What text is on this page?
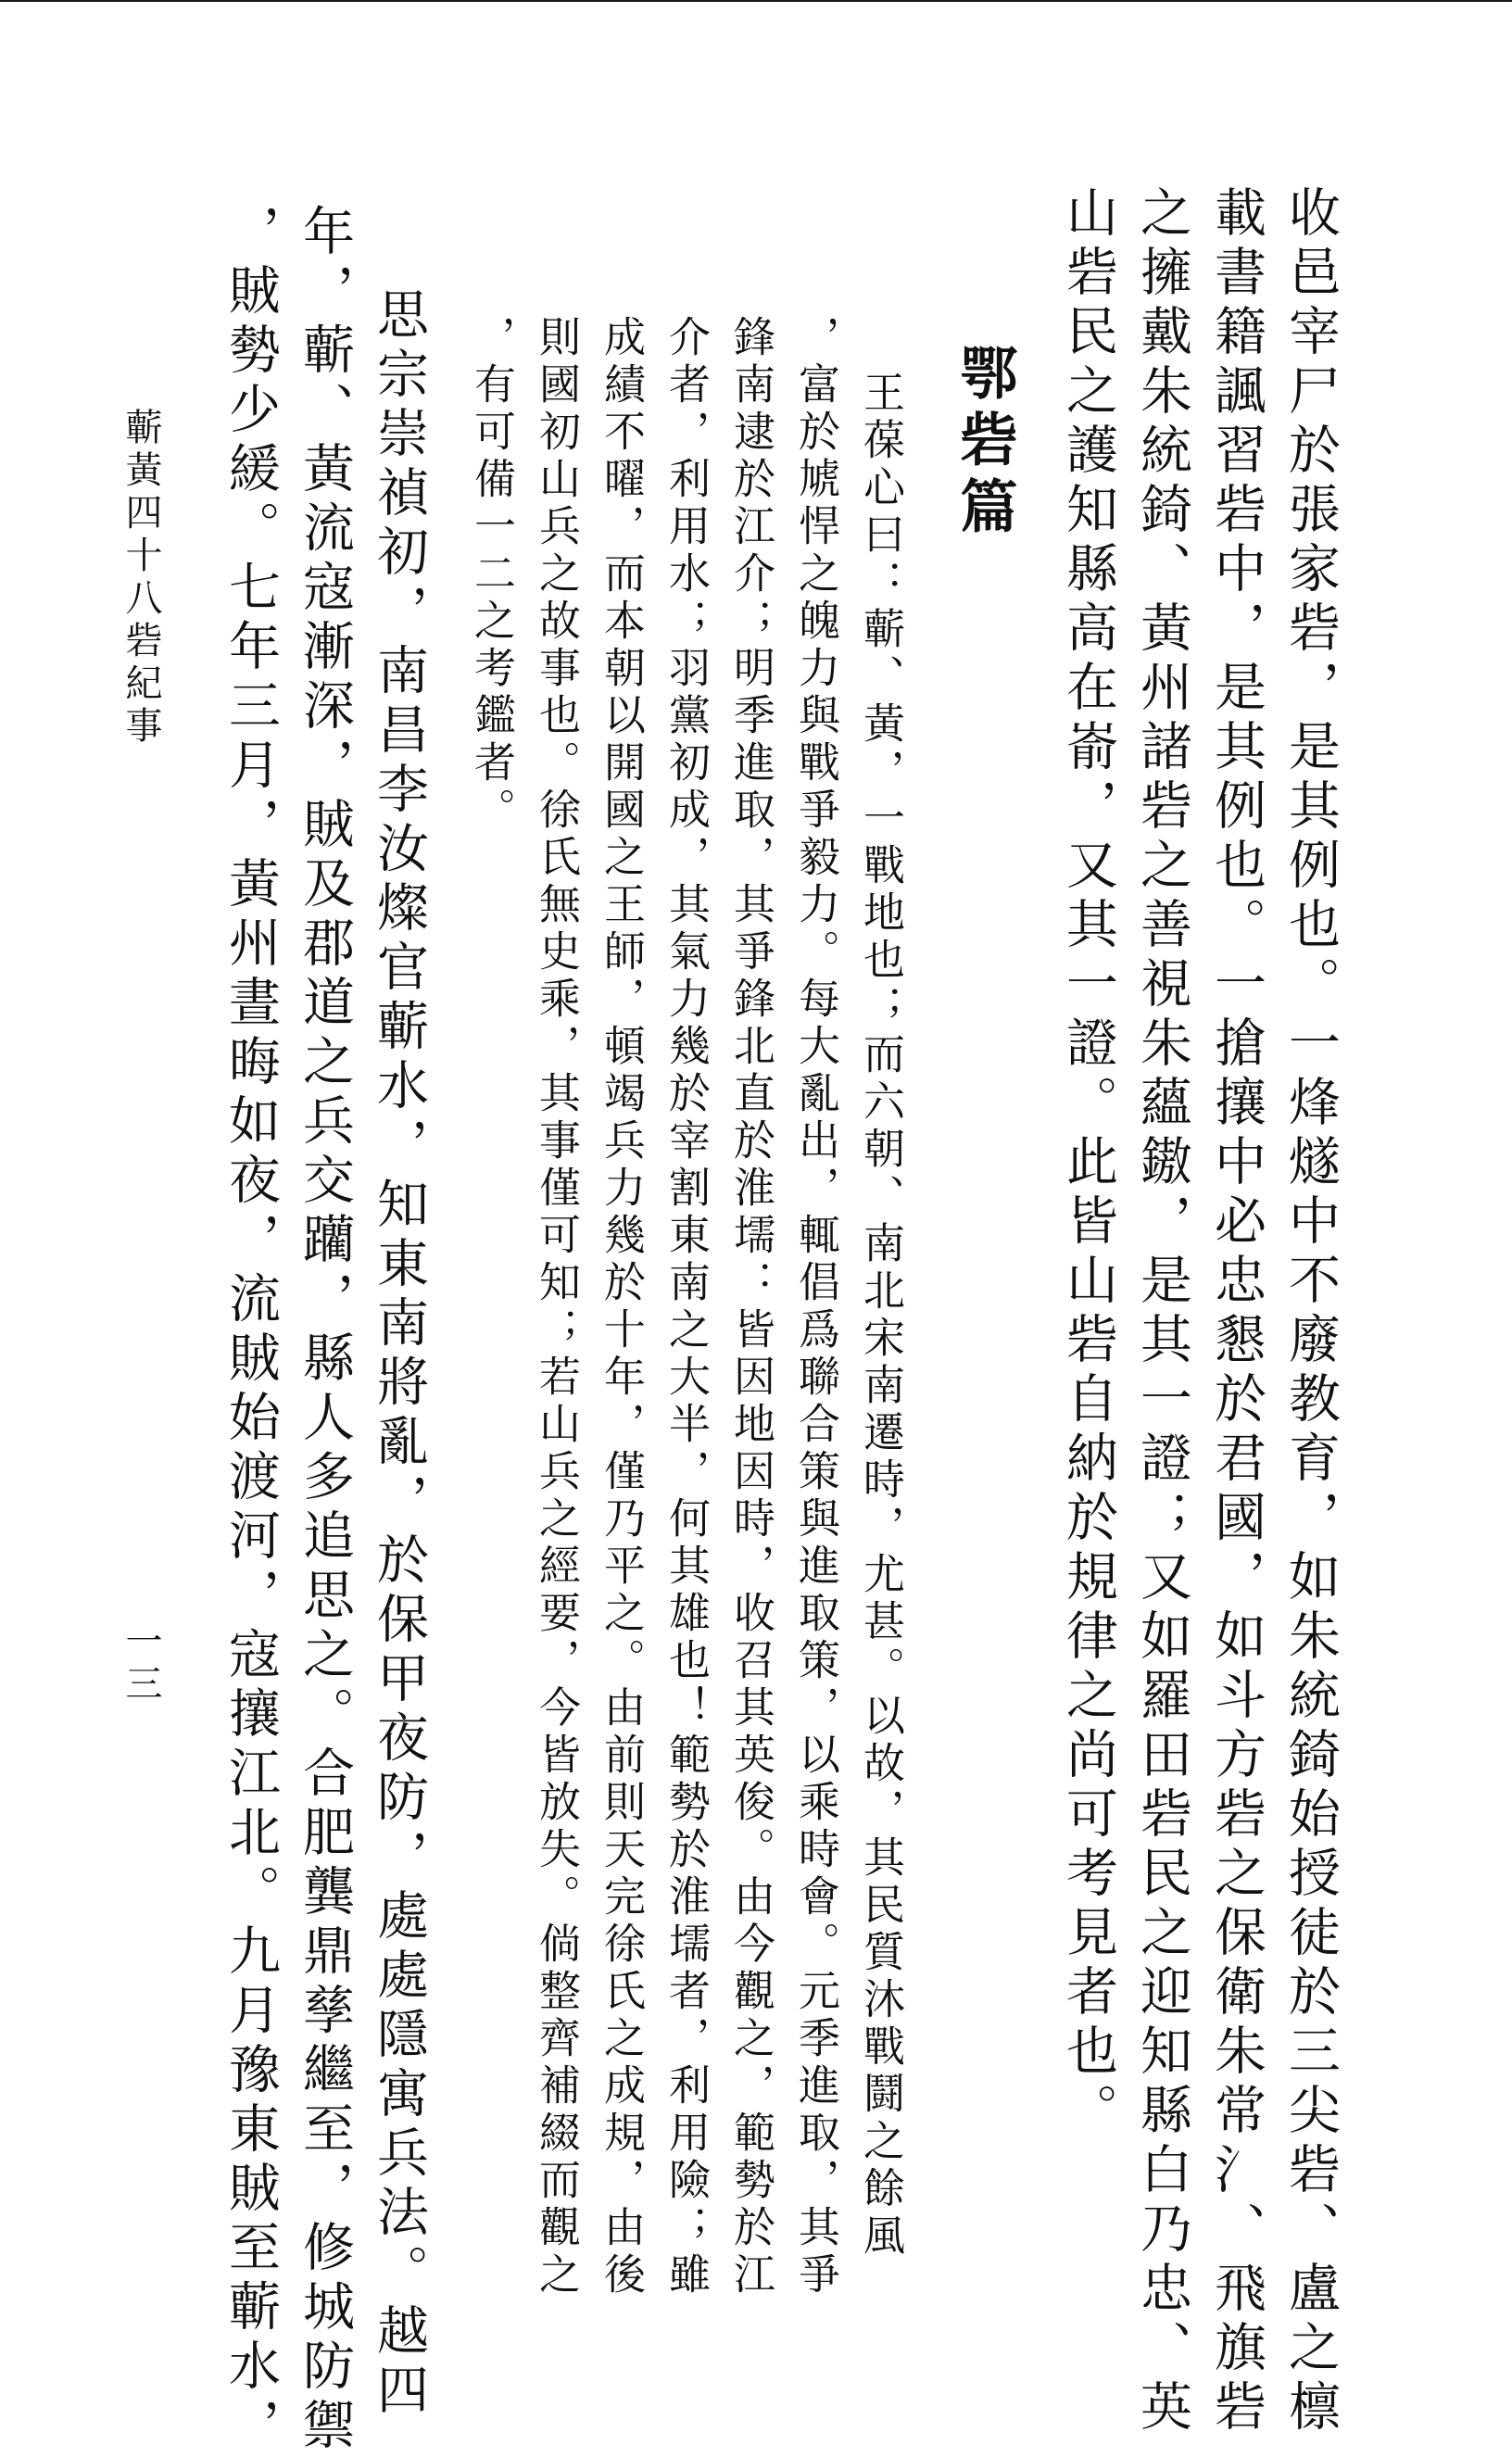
收邑宰尸於張家砦，是其例也。一烽燧中不廢教育，如朱統錡始授徒於三尖砦、盧之檩
載書籍諷習砦中，是其例也。一搶攘中必忠懇於君國，如斗方砦之保衛朱常氵、飛旗砦
之擁戴朱統錡、黃州諸砦之善視朱蘊𨫼，是其一證；又如羅田砦民之迎知縣白乃忠、英
山砦民之護知縣高在嵛，又其一證。此皆山砦自納於規律之尚可考見者也。
鄂砦篇
王葆心曰：蘄、黃，一戰地也；而六朝、南北宋南遷時，尤甚。以故，其民質沐戰鬪之餘風
，富於虓悍之魄力與戰爭毅力。每大亂出，輒倡爲聯合策與進取策，以乘時會。元季進取，其爭
鋒南逮於江介；明季進取，其爭鋒北直於淮壖：皆因地因時，收召其英俊。由今觀之，範勢於江
介者，利用水；羽黨初成，其氣力幾於宰割東南之大半，何其雄也！範勢於淮壖者，利用險；雖
成績不曜，而本朝以開國之王師，頓竭兵力幾於十年，僅乃平之。由前則天完徐氏之成規，由後
則國初山兵之故事也。徐氏無史乘，其事僅可知；若山兵之經要，今皆放失。倘整齊補綴而觀之
，有可備一二之考鑑者。
思宗崇禎初，南昌李汝燦官蘄水，知東南將亂，於保甲夜防，處處隱寓兵法。越四
年，蘄、黃流寇漸深，賊及郡道之兵交躪，縣人多追思之。合肥龔鼎孳繼至，修城防禦
，賊勢少緩。七年三月，黃州晝晦如夜，流賊始渡河，寇攘江北。九月豫東賊至蘄水，
蘄黃四十八砦紀事
一三
